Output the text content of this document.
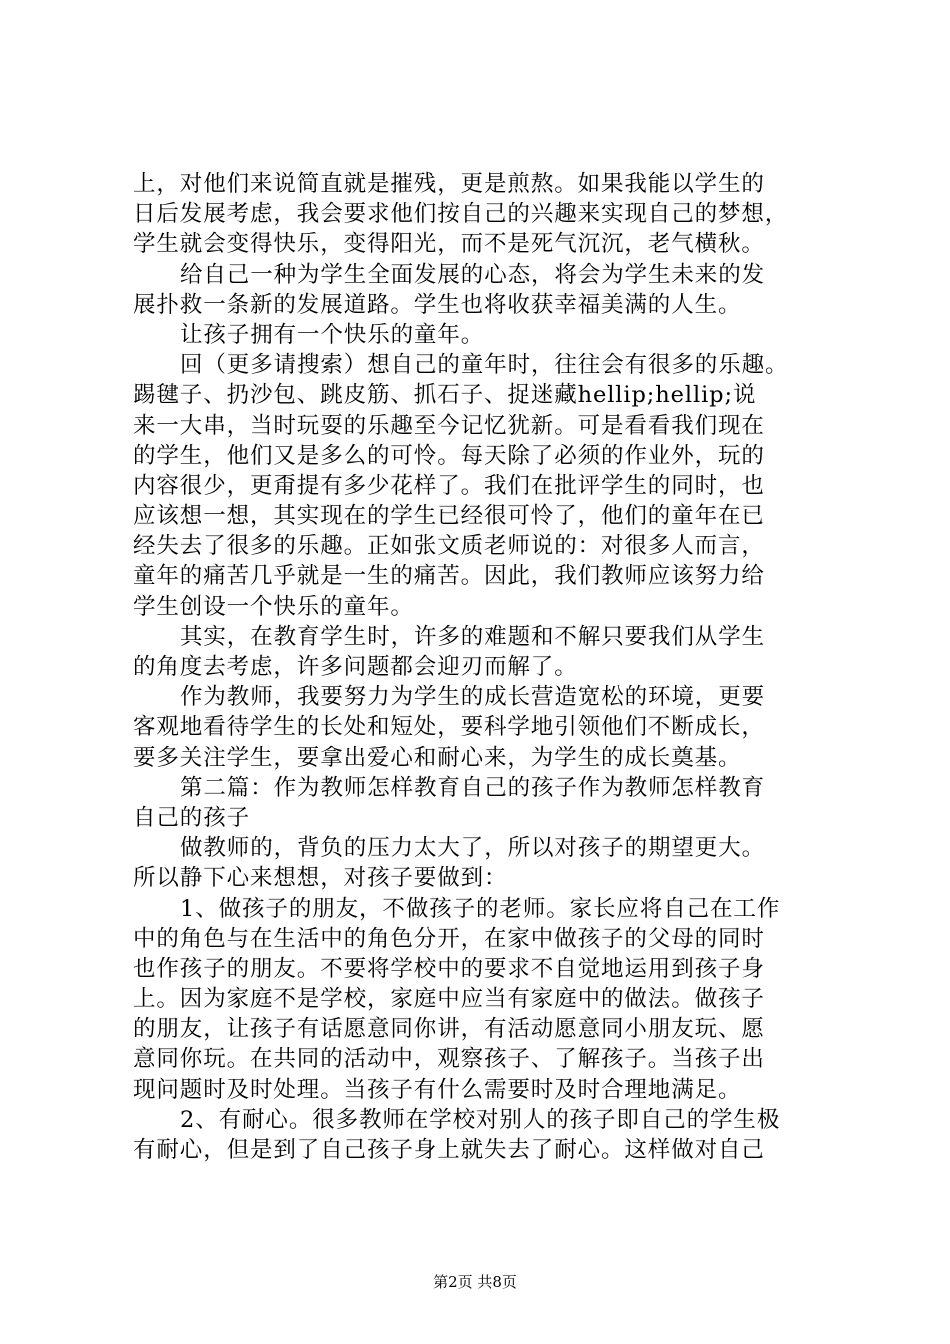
上，对他们来说简直就是摧残，更是煎熬。如果我能以学生的
日后发展考虑，我会要求他们按自己的兴趣来实现自己的梦想，
学生就会变得快乐，变得阳光，而不是死气沉沉，老气横秋。
给自己一种为学生全面发展的心态，将会为学生未来的发
展扑救一条新的发展道路。学生也将收获幸福美满的人生。
让孩子拥有一个快乐的童年。
回（更多请搜索）想自己的童年时，往往会有很多的乐趣。
踢毽子、扔沙包、跳皮筋、抓石子、捉迷藏hellip;hellip;说
来一大串，当时玩耍的乐趣至今记忆犹新。可是看看我们现在
的学生，他们又是多么的可怜。每天除了必须的作业外，玩的
内容很少，更甭提有多少花样了。我们在批评学生的同时，也
应该想一想，其实现在的学生已经很可怜了，他们的童年在已
经失去了很多的乐趣。正如张文质老师说的：对很多人而言，
童年的痛苦几乎就是一生的痛苦。因此，我们教师应该努力给
学生创设一个快乐的童年。
其实，在教育学生时，许多的难题和不解只要我们从学生
的角度去考虑，许多问题都会迎刃而解了。
作为教师，我要努力为学生的成长营造宽松的环境，更要
客观地看待学生的长处和短处，要科学地引领他们不断成长，
要多关注学生，要拿出爱心和耐心来，为学生的成长奠基。
第二篇：作为教师怎样教育自己的孩子作为教师怎样教育
自己的孩子
做教师的，背负的压力太大了，所以对孩子的期望更大。
所以静下心来想想，对孩子要做到：
1、做孩子的朋友，不做孩子的老师。家长应将自己在工作
中的角色与在生活中的角色分开，在家中做孩子的父母的同时
也作孩子的朋友。不要将学校中的要求不自觉地运用到孩子身
上。因为家庭不是学校，家庭中应当有家庭中的做法。做孩子
的朋友，让孩子有话愿意同你讲，有活动愿意同小朋友玩、愿
意同你玩。在共同的活动中，观察孩子、了解孩子。当孩子出
现问题时及时处理。当孩子有什么需要时及时合理地满足。
2、有耐心。很多教师在学校对别人的孩子即自己的学生极
有耐心，但是到了自己孩子身上就失去了耐心。这样做对自己
第2页 共8页
